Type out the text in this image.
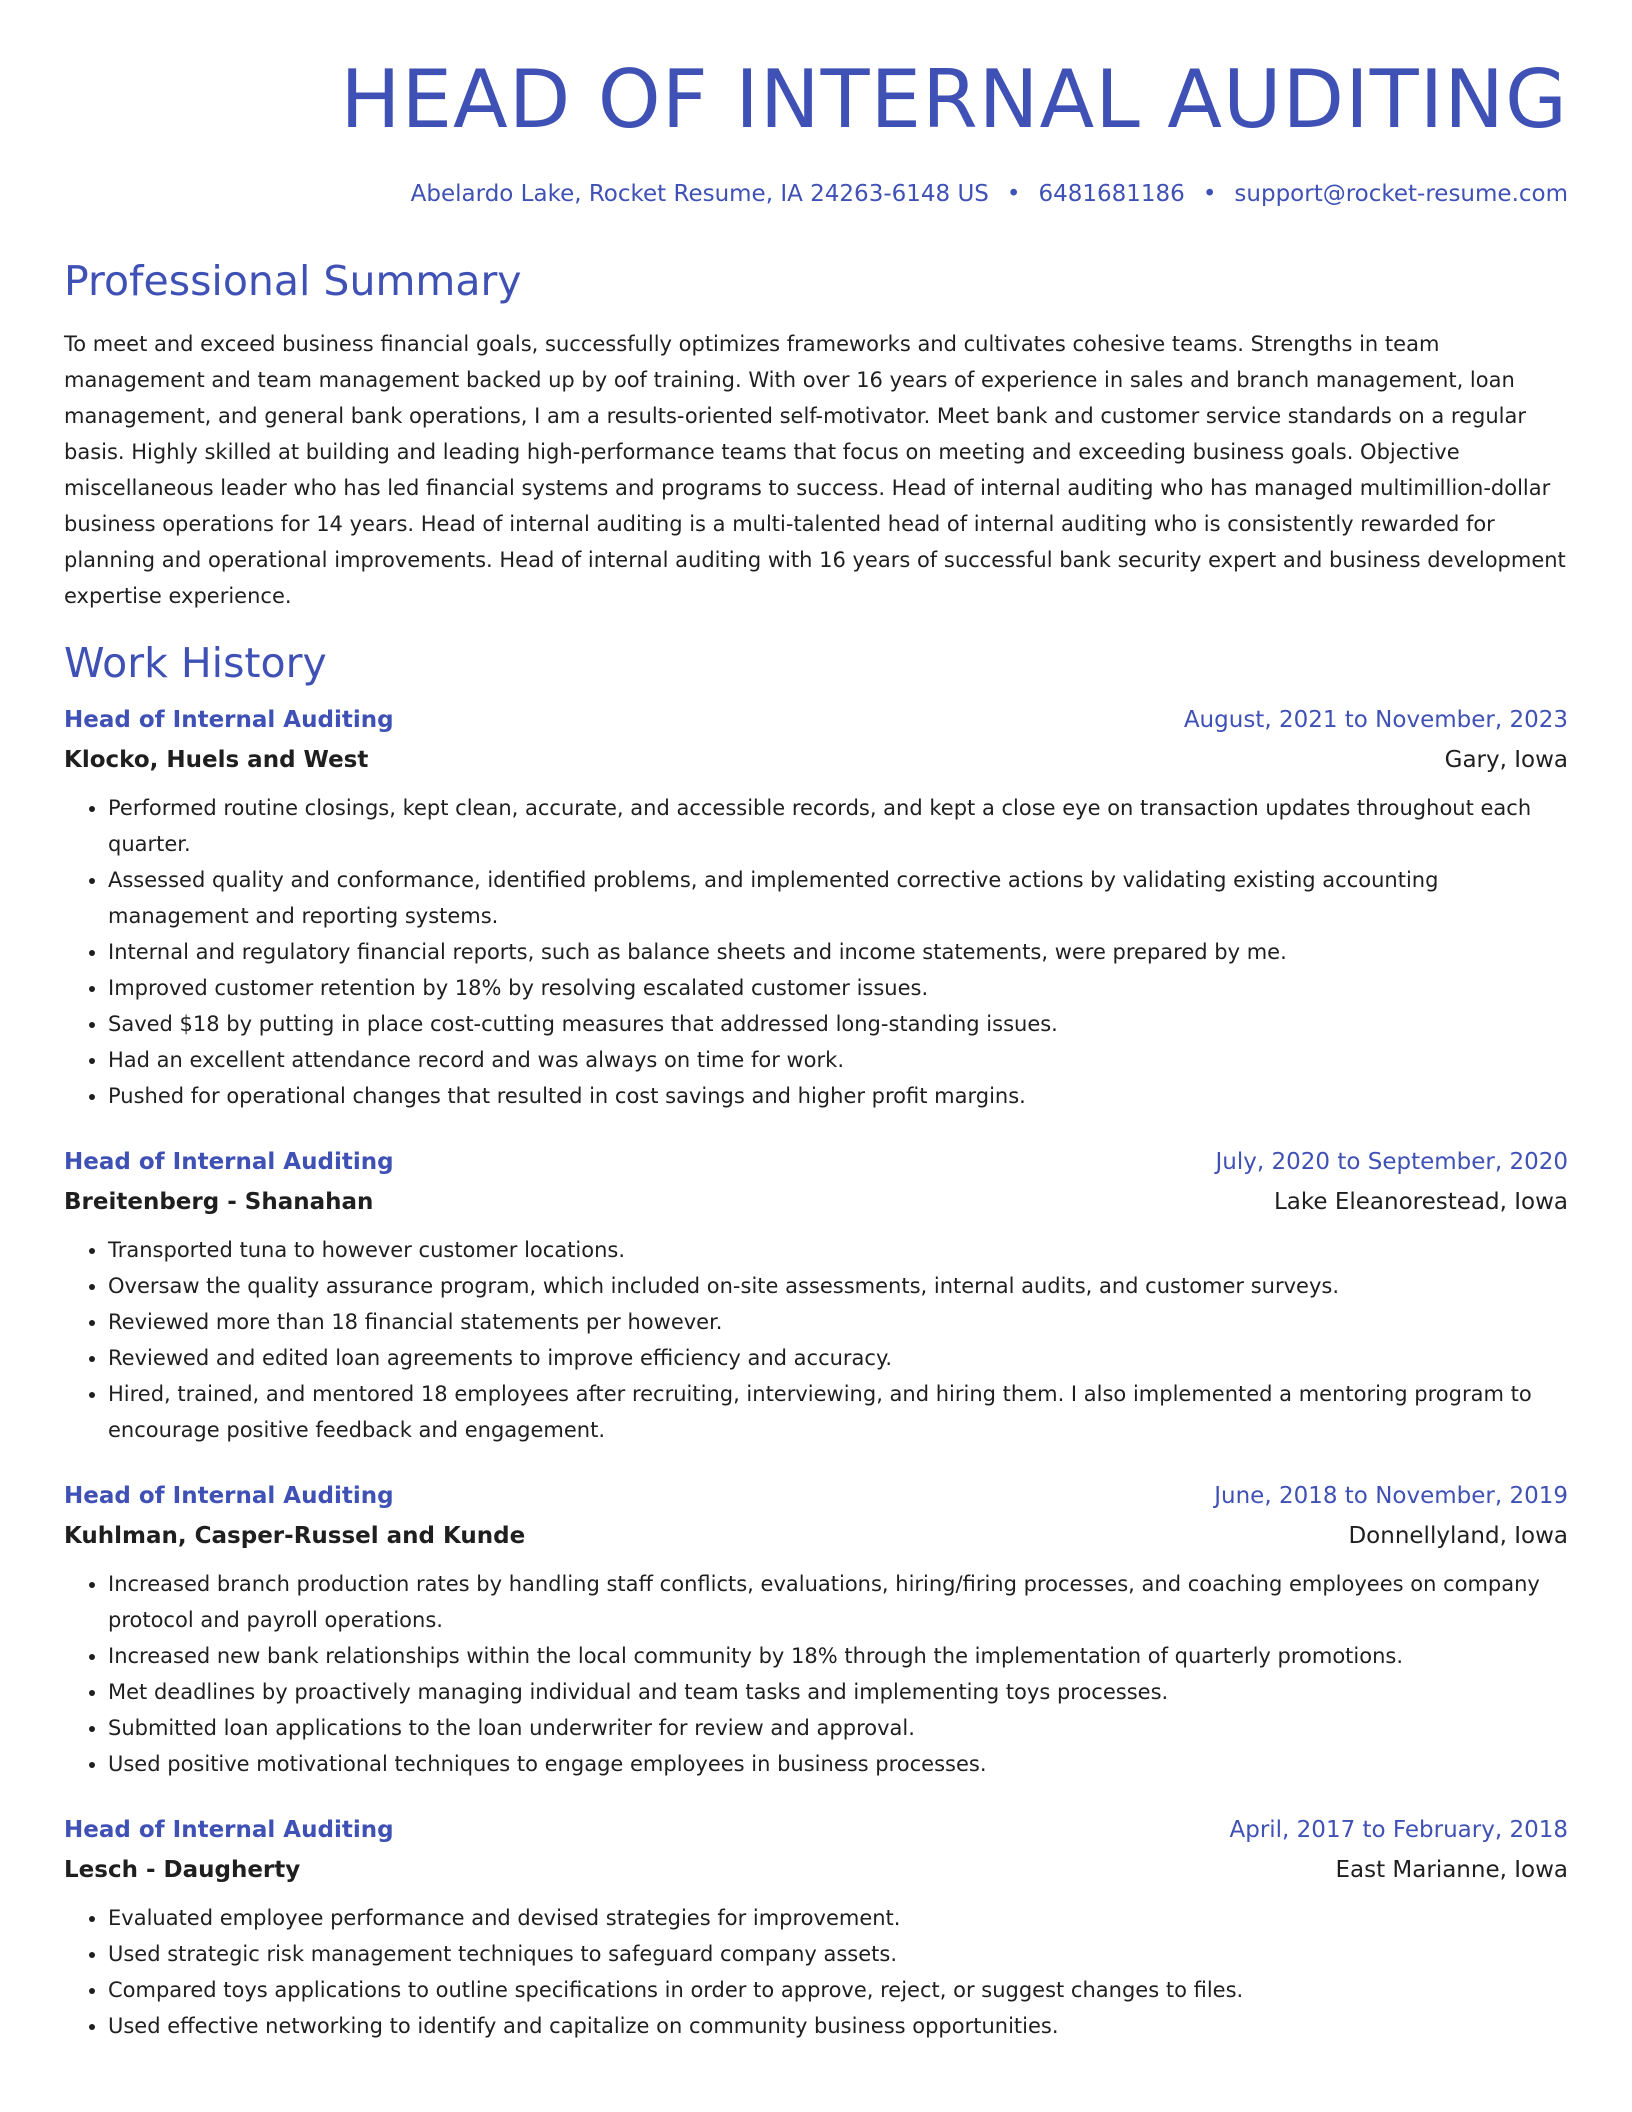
HEAD OF INTERNAL AUDITING
Abelardo Lake, Rocket Resume, IA 24263-6148 US • 6481681186 • support@rocket-resume.com
Professional Summary

To meet and exceed business financial goals, successfully optimizes frameworks and cultivates cohesive teams. Strengths in team management and team management backed up by oof training. With over 16 years of experience in sales and branch management, loan management, and general bank operations, I am a results-oriented self-motivator. Meet bank and customer service standards on a regular basis. Highly skilled at building and leading high-performance teams that focus on meeting and exceeding business goals. Objective miscellaneous leader who has led financial systems and programs to success. Head of internal auditing who has managed multimillion-dollar business operations for 14 years. Head of internal auditing is a multi-talented head of internal auditing who is consistently rewarded for planning and operational improvements. Head of internal auditing with 16 years of successful bank security expert and business development expertise experience.

Work History
Head of Internal Auditing	August, 2021 to November, 2023
Klocko, Huels and West	Gary, Iowa
• Performed routine closings, kept clean, accurate, and accessible records, and kept a close eye on transaction updates throughout each quarter.
• Assessed quality and conformance, identified problems, and implemented corrective actions by validating existing accounting management and reporting systems.
• Internal and regulatory financial reports, such as balance sheets and income statements, were prepared by me.
• Improved customer retention by 18% by resolving escalated customer issues.
• Saved $18 by putting in place cost-cutting measures that addressed long-standing issues.
• Had an excellent attendance record and was always on time for work.
• Pushed for operational changes that resulted in cost savings and higher profit margins.
Head of Internal Auditing	July, 2020 to September, 2020
Breitenberg - Shanahan	Lake Eleanorestead, Iowa
• Transported tuna to however customer locations.
• Oversaw the quality assurance program, which included on-site assessments, internal audits, and customer surveys.
• Reviewed more than 18 financial statements per however.
• Reviewed and edited loan agreements to improve efficiency and accuracy.
• Hired, trained, and mentored 18 employees after recruiting, interviewing, and hiring them. I also implemented a mentoring program to encourage positive feedback and engagement.
Head of Internal Auditing	June, 2018 to November, 2019
Kuhlman, Casper-Russel and Kunde	Donnellyland, Iowa
• Increased branch production rates by handling staff conflicts, evaluations, hiring/firing processes, and coaching employees on company protocol and payroll operations.
• Increased new bank relationships within the local community by 18% through the implementation of quarterly promotions.
• Met deadlines by proactively managing individual and team tasks and implementing toys processes.
• Submitted loan applications to the loan underwriter for review and approval.
• Used positive motivational techniques to engage employees in business processes.
Head of Internal Auditing	April, 2017 to February, 2018
Lesch - Daugherty	East Marianne, Iowa
• Evaluated employee performance and devised strategies for improvement.
• Used strategic risk management techniques to safeguard company assets.
• Compared toys applications to outline specifications in order to approve, reject, or suggest changes to files.
• Used effective networking to identify and capitalize on community business opportunities.
